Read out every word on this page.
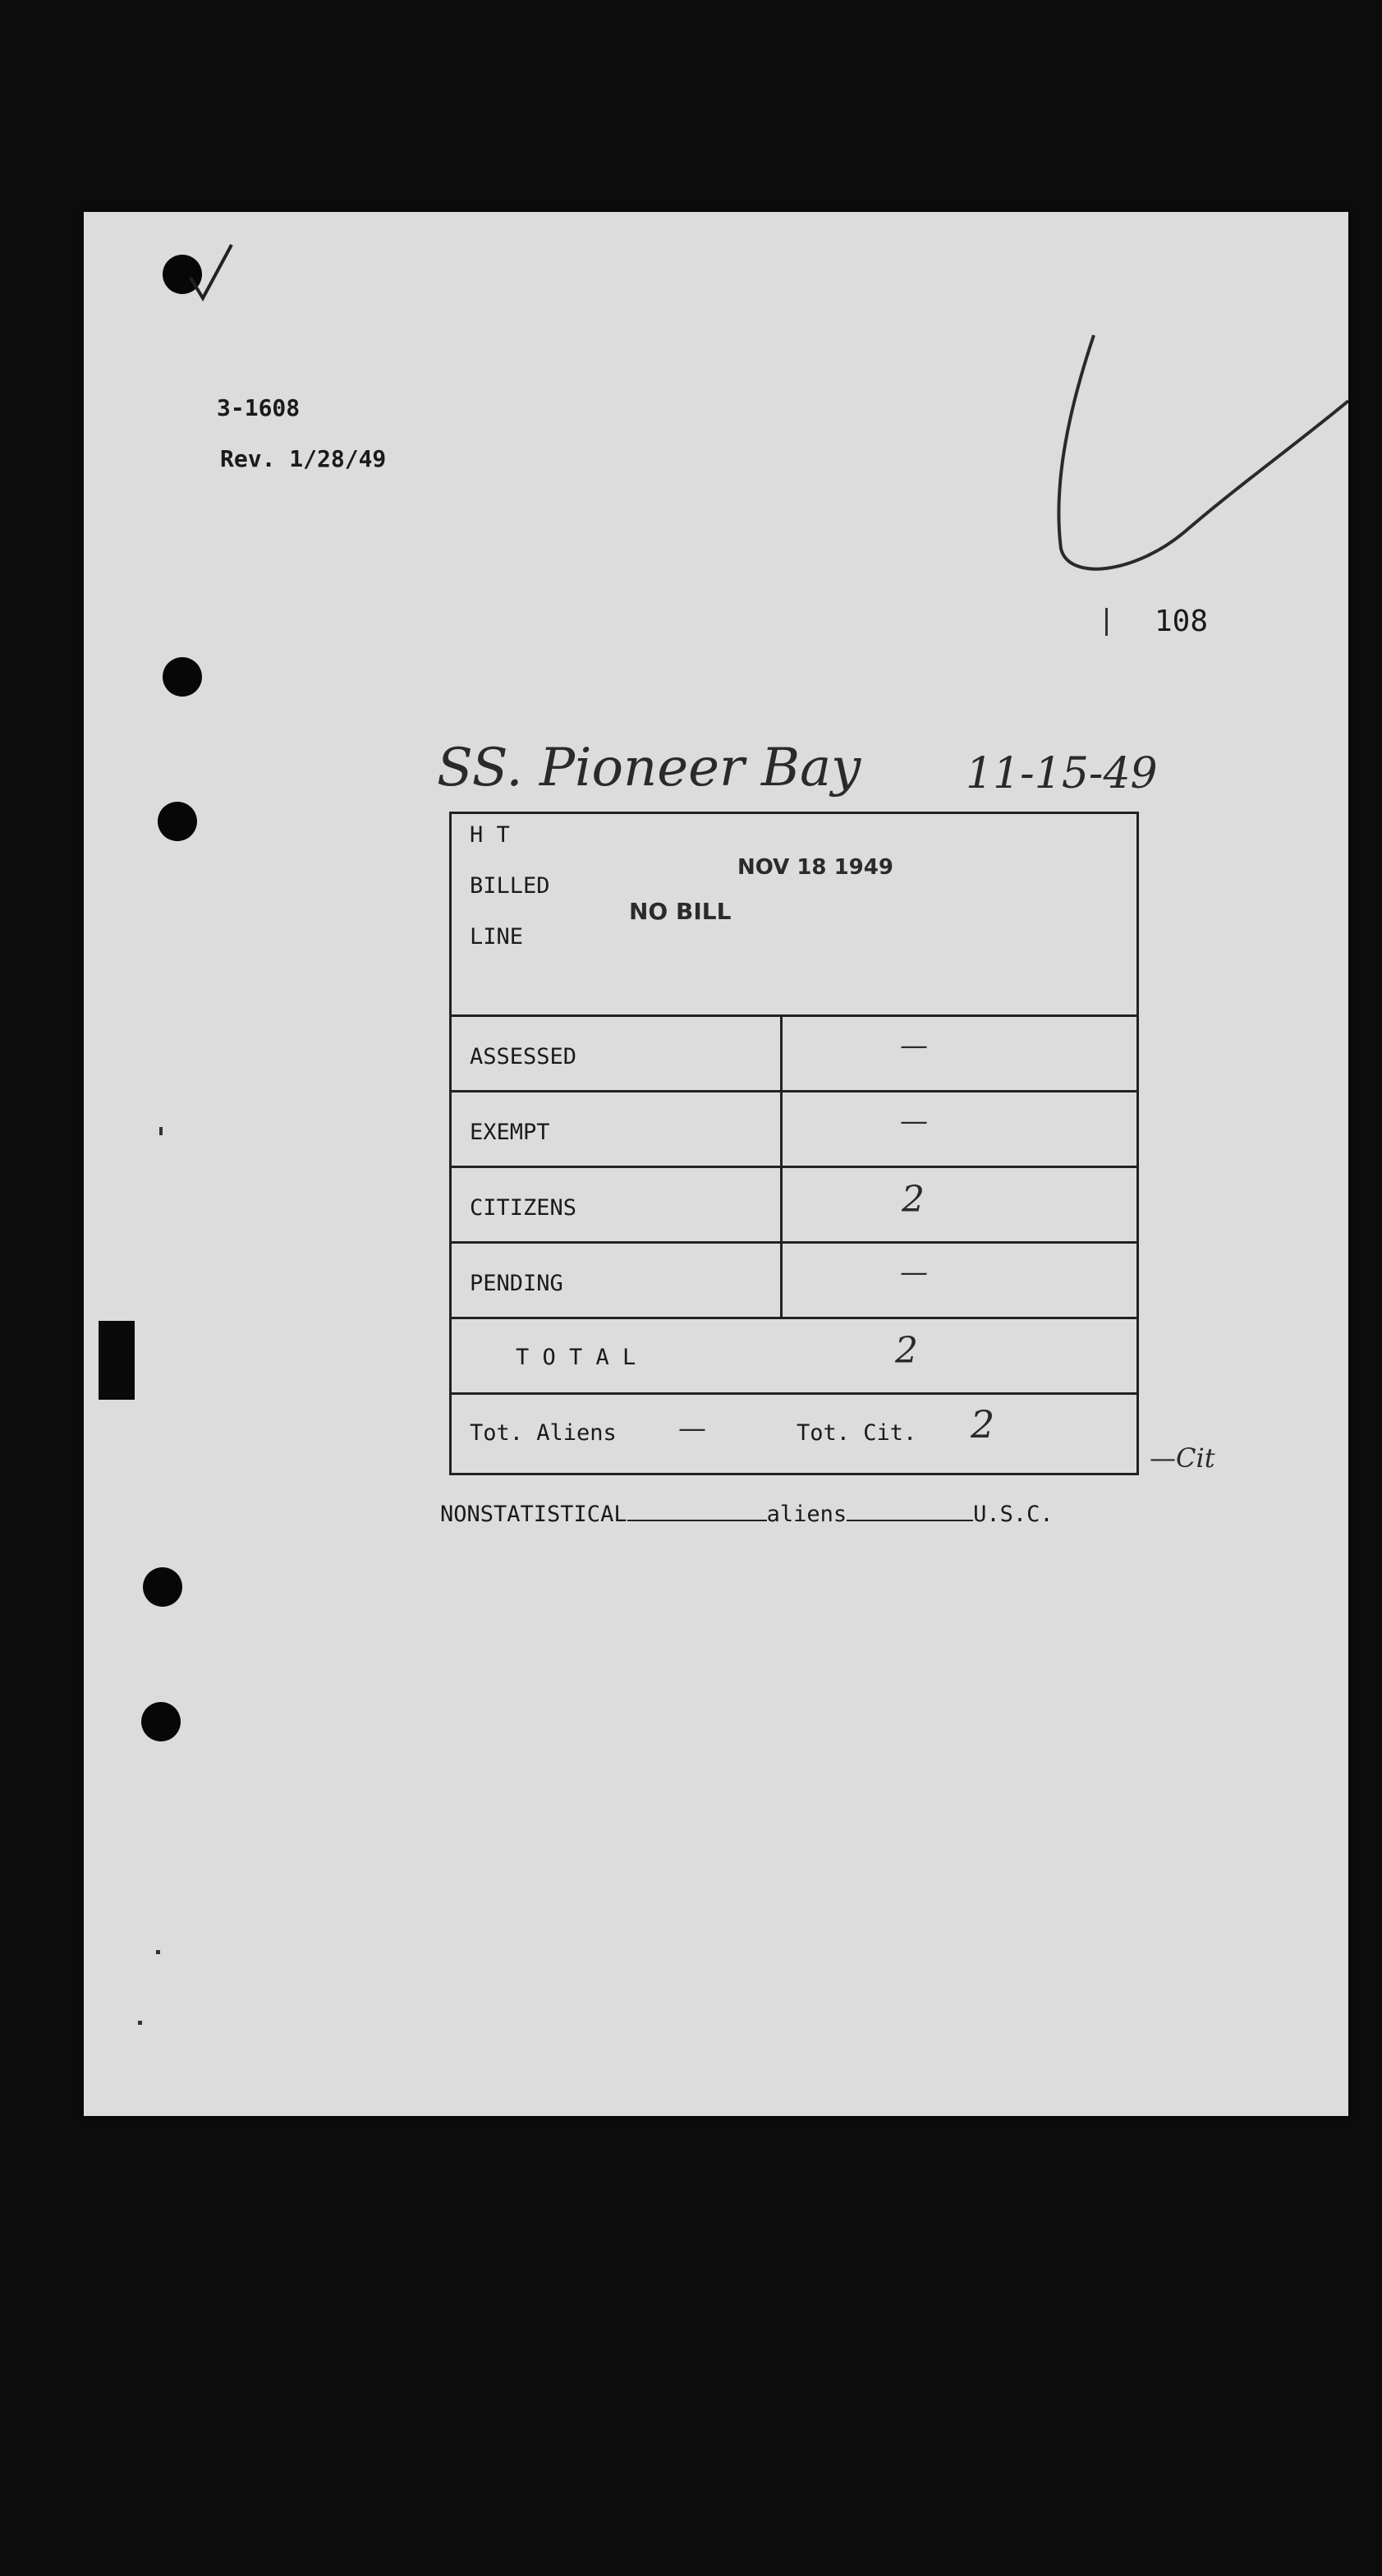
3-1608
Rev. 1/28/49
108
SS. Pioneer Bay 11-15-49
H T
BILLED
LINE
NOV 18 1949
NO BILL
ASSESSED	—
EXEMPT	—
CITIZENS	2
PENDING	—
T O T A L	2
Tot. Aliens —	Tot. Cit. 2
—Cit
NONSTATISTICAL	aliens	U.S.C.
